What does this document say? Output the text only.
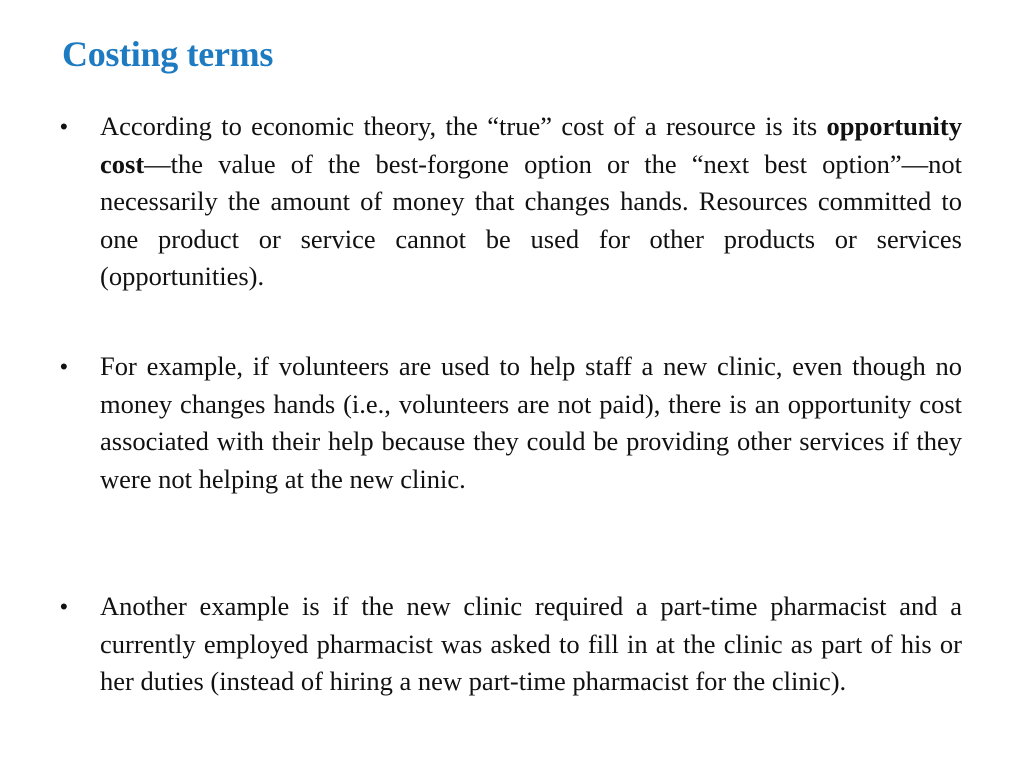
Costing terms
•	According to economic theory, the “true” cost of a resource is its opportunity cost—the value of the best-forgone option or the “next best option”—not necessarily the amount of money that changes hands. Resources committed to one product or service cannot be used for other products or services (opportunities).
•	For example, if volunteers are used to help staff a new clinic, even though no money changes hands (i.e., volunteers are not paid), there is an opportunity cost associated with their help because they could be providing other services if they were not helping at the new clinic.
•	Another example is if the new clinic required a part-time pharmacist and a currently employed pharmacist was asked to fill in at the clinic as part of his or her duties (instead of hiring a new part-time pharmacist for the clinic).
